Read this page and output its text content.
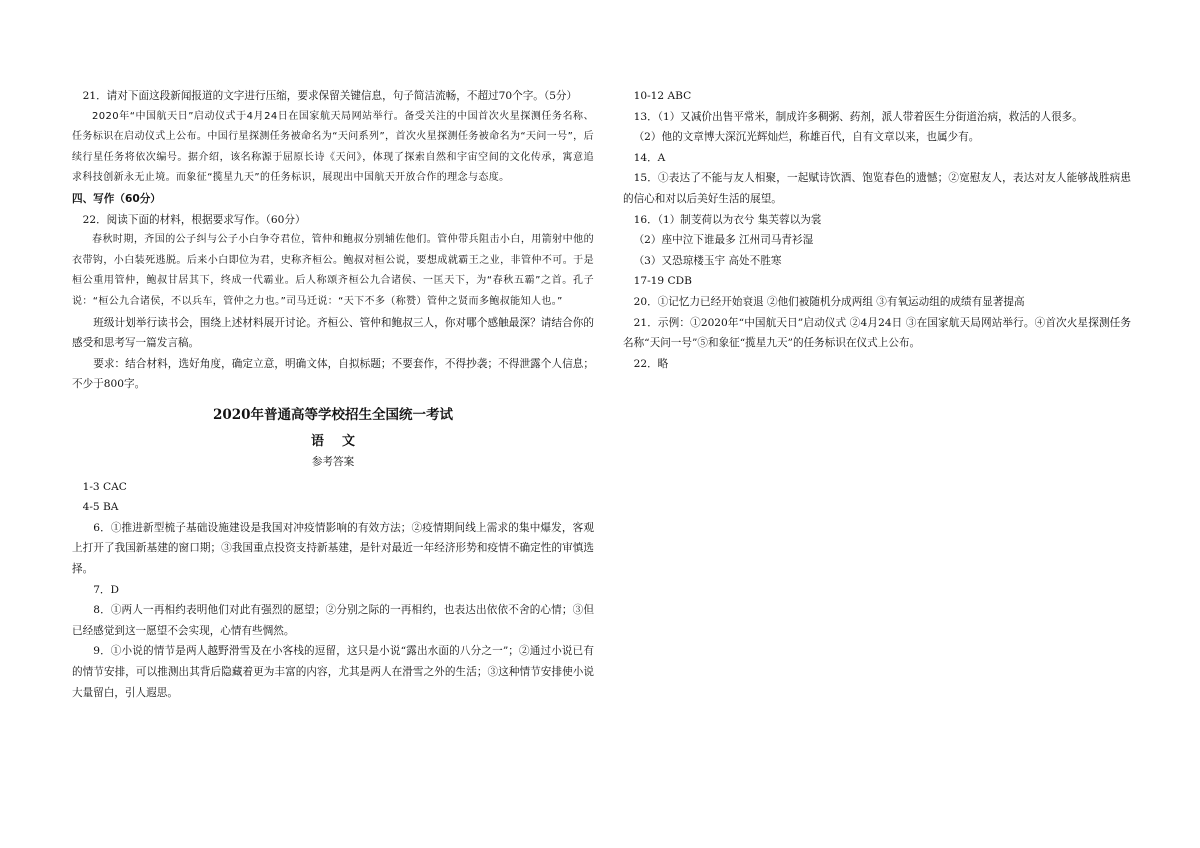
21．请对下面这段新闻报道的文字进行压缩，要求保留关键信息，句子简洁流畅，不超过70个字。（5分）

2020年“中国航天日”启动仪式于4月24日在国家航天局网站举行。备受关注的中国首次火星探测任务名称、任务标识在启动仪式上公布。中国行星探测任务被命名为“天问系列”，首次火星探测任务被命名为“天问一号”，后续行星任务将依次编号。据介绍，该名称源于屈原长诗《天问》，体现了探索自然和宇宙空间的文化传承，寓意追求科技创新永无止境。而象征“揽星九天”的任务标识，展现出中国航天开放合作的理念与态度。

四、写作（60分）

22．阅读下面的材料，根据要求写作。（60分）

春秋时期，齐国的公子纠与公子小白争夺君位，管仲和鲍叔分别辅佐他们。管仲带兵阻击小白，用箭射中他的衣带钩，小白装死逃脱。后来小白即位为君，史称齐桓公。鲍叔对桓公说，要想成就霸王之业，非管仲不可。于是桓公重用管仲，鲍叔甘居其下，终成一代霸业。后人称颂齐桓公九合诸侯、一匡天下，为“春秋五霸”之首。孔子说：“桓公九合诸侯，不以兵车，管仲之力也。”司马迁说：“天下不多（称赞）管仲之贤而多鲍叔能知人也。”

班级计划举行读书会，围绕上述材料展开讨论。齐桓公、管仲和鲍叔三人，你对哪个感触最深？请结合你的感受和思考写一篇发言稿。

要求：结合材料，选好角度，确定立意，明确文体，自拟标题；不要套作，不得抄袭；不得泄露个人信息；不少于800字。

2020年普通高等学校招生全国统一考试
语文
参考答案

1-3 CAC

4-5 BA

6．①推进新型梳子基础设施建设是我国对冲疫情影响的有效方法；②疫情期间线上需求的集中爆发，客观上打开了我国新基建的窗口期；③我国重点投资支持新基建，是针对最近一年经济形势和疫情不确定性的审慎选择。

7．D

8．①两人一再相约表明他们对此有强烈的愿望；②分别之际的一再相约，也表达出依依不舍的心情；③但已经感觉到这一愿望不会实现，心情有些惆然。

9．①小说的情节是两人越野滑雪及在小客栈的逗留，这只是小说“露出水面的八分之一”；②通过小说已有的情节安排，可以推测出其背后隐藏着更为丰富的内容，尤其是两人在滑雪之外的生活；③这种情节安排使小说大量留白，引人遐思。

10-12 ABC

13．（1）又减价出售平常米，制成许多稠粥、药剂，派人带着医生分街道治病，救活的人很多。

（2）他的文章博大深沉光辉灿烂，称雄百代，自有文章以来，也属少有。

14．A

15．①表达了不能与友人相聚，一起赋诗饮酒、饱览春色的遗憾；②宽慰友人，表达对友人能够战胜病患的信心和对以后美好生活的展望。

16．（1）制芰荷以为衣兮 集芙蓉以为裳

（2）座中泣下谁最多 江州司马青衫湿

（3）又恐琼楼玉宇 高处不胜寒

17-19 CDB

20．①记忆力已经开始衰退 ②他们被随机分成两组 ③有氧运动组的成绩有显著提高

21．示例：①2020年“中国航天日”启动仪式 ②4月24日 ③在国家航天局网站举行。④首次火星探测任务名称“天问一号”⑤和象征“揽星九天”的任务标识在仪式上公布。

22．略
